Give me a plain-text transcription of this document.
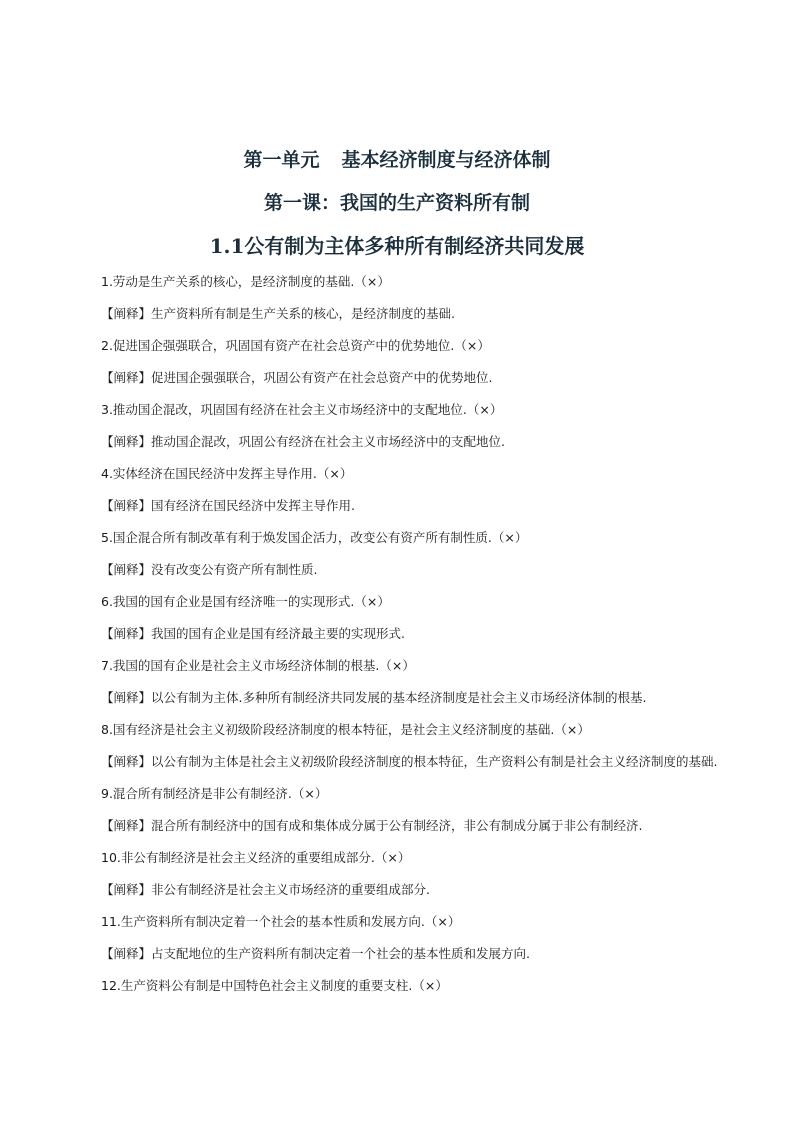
第一单元 基本经济制度与经济体制
第一课：我国的生产资料所有制
1.1公有制为主体多种所有制经济共同发展
1.劳动是生产关系的核心，是经济制度的基础.（×）
【阐释】生产资料所有制是生产关系的核心，是经济制度的基础.
2.促进国企强强联合，巩固国有资产在社会总资产中的优势地位.（×）
【阐释】促进国企强强联合，巩固公有资产在社会总资产中的优势地位.
3.推动国企混改，巩固国有经济在社会主义市场经济中的支配地位.（×）
【阐释】推动国企混改，巩固公有经济在社会主义市场经济中的支配地位.
4.实体经济在国民经济中发挥主导作用.（×）
【阐释】国有经济在国民经济中发挥主导作用.
5.国企混合所有制改革有利于焕发国企活力，改变公有资产所有制性质.（×）
【阐释】没有改变公有资产所有制性质.
6.我国的国有企业是国有经济唯一的实现形式.（×）
【阐释】我国的国有企业是国有经济最主要的实现形式.
7.我国的国有企业是社会主义市场经济体制的根基.（×）
【阐释】以公有制为主体.多种所有制经济共同发展的基本经济制度是社会主义市场经济体制的根基.
8.国有经济是社会主义初级阶段经济制度的根本特征，是社会主义经济制度的基础.（×）
【阐释】以公有制为主体是社会主义初级阶段经济制度的根本特征，生产资料公有制是社会主义经济制度的基础.
9.混合所有制经济是非公有制经济.（×）
【阐释】混合所有制经济中的国有成和集体成分属于公有制经济，非公有制成分属于非公有制经济.
10.非公有制经济是社会主义经济的重要组成部分.（×）
【阐释】非公有制经济是社会主义市场经济的重要组成部分.
11.生产资料所有制决定着一个社会的基本性质和发展方向.（×）
【阐释】占支配地位的生产资料所有制决定着一个社会的基本性质和发展方向.
12.生产资料公有制是中国特色社会主义制度的重要支柱.（×）
